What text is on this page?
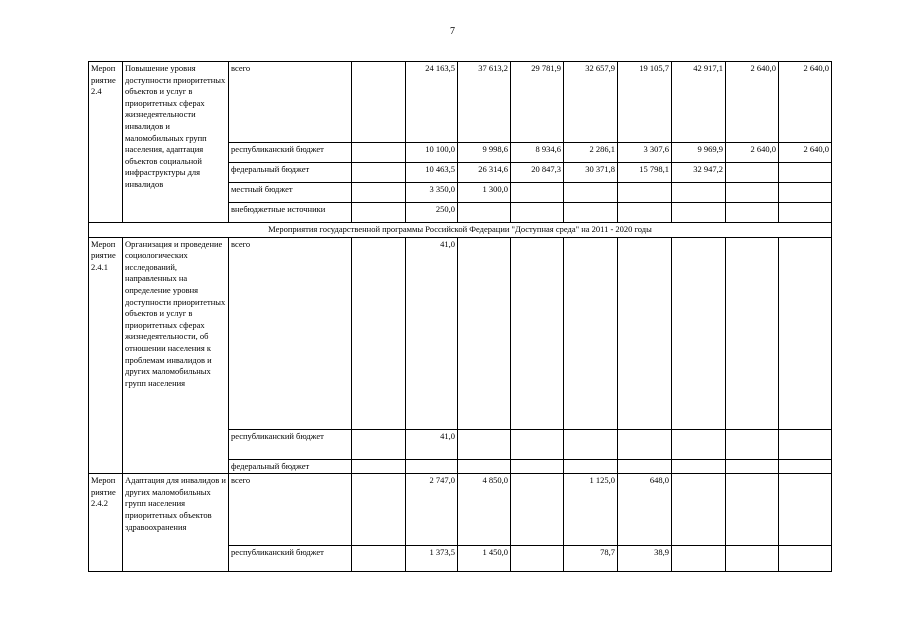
7
Мероп риятие 2.4	Повышение уровня доступности приоритетных объектов и услуг в приоритетных сферах жизнедеятельности инвалидов и маломобильных групп населения, адаптация объектов социальной инфраструктуры для инвалидов	всего		24 163,5	37 613,2	29 781,9	32 657,9	19 105,7	42 917,1	2 640,0	2 640,0
		республиканский бюджет		10 100,0	9 998,6	8 934,6	2 286,1	3 307,6	9 969,9	2 640,0	2 640,0
		федеральный бюджет		10 463,5	26 314,6	20 847,3	30 371,8	15 798,1	32 947,2		
		местный бюджет		3 350,0	1 300,0						
		внебюджетные источники		250,0							
Мероприятия государственной программы Российской Федерации "Доступная среда" на 2011 - 2020 годы											
Мероп риятие 2.4.1	Организация и проведение социологических исследований, направленных на определение уровня доступности приоритетных объектов и услуг в приоритетных сферах жизнедеятельности, об отношении населения к проблемам инвалидов и других маломобильных групп населения	всего		41,0							
		республиканский бюджет		41,0							
		федеральный бюджет									
Мероп риятие 2.4.2	Адаптация для инвалидов и других маломобильных групп населения приоритетных объектов здравоохранения	всего		2 747,0	4 850,0		1 125,0	648,0			
		республиканский бюджет		1 373,5	1 450,0		78,7	38,9			
